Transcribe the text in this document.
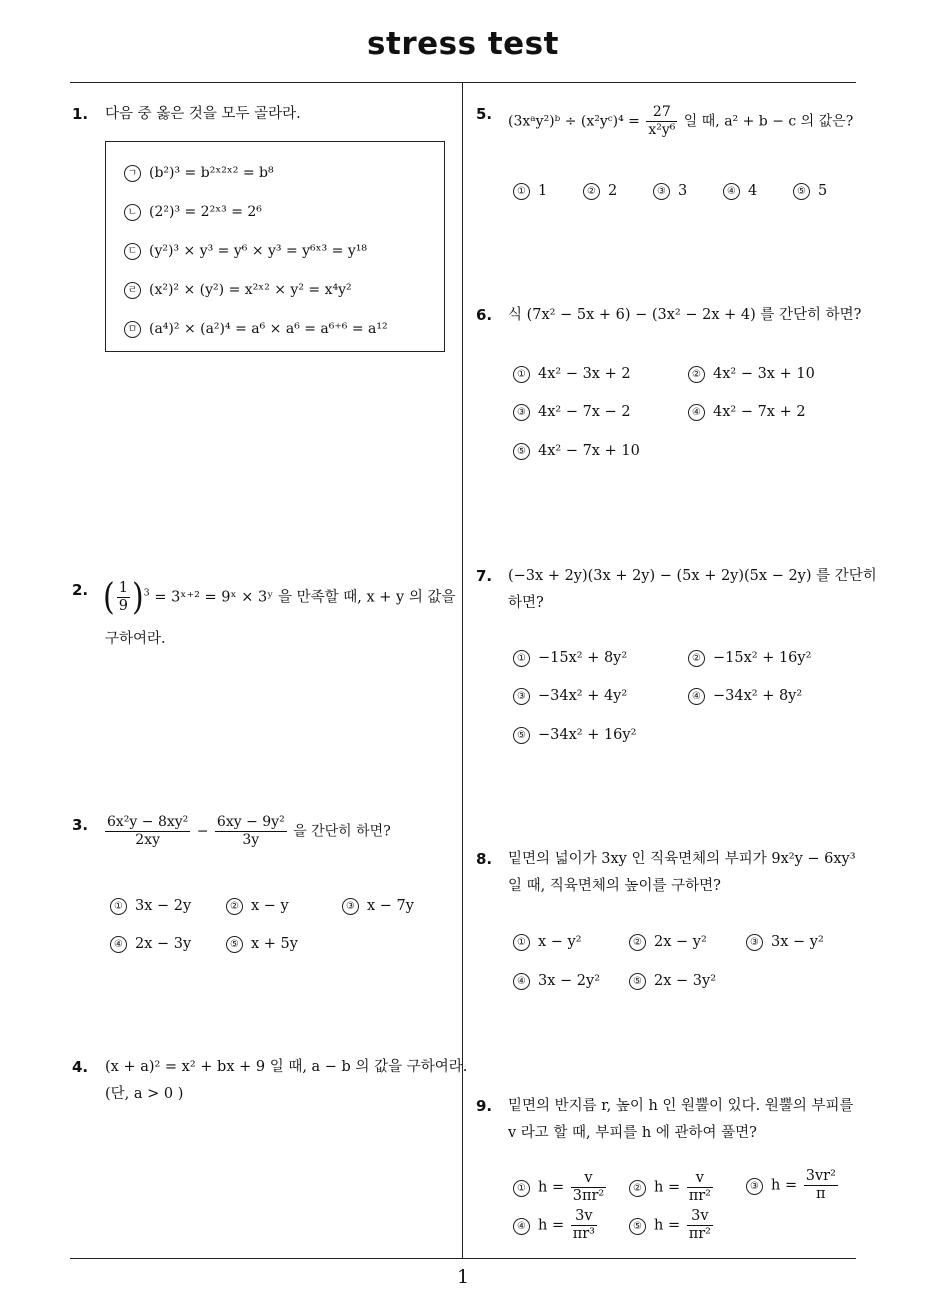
stress test
1
1. 다음 중 옳은 것을 모두 골라라.
ㄱ (b²)³ = b²ˣ²ˣ² = b⁸
ㄴ (2²)³ = 2²ˣ³ = 2⁶
ㄷ (y²)³ × y³ = y⁶ × y³ = y⁶ˣ³ = y¹⁸
ㄹ (x²)² × (y²) = x²ˣ² × y² = x⁴y²
ㅁ (a⁴)² × (a²)⁴ = a⁶ × a⁶ = a⁶⁺⁶ = a¹²
2. ( $\frac{1}{9} )^3$ = 3ˣ⁺² = 9ˣ × 3ʸ 을 만족할 때, x + y 의 값을
구하여라.
3. $\frac{\text{6x²y − 8xy²}}{2xy} - \frac{\text{6xy − 9y²}}{3y}$ 을 간단히 하면?
① 3x − 2y	② x − y	③ x − 7y
④ 2x − 3y	⑤ x + 5y
4. (x + a)² = x² + bx + 9 일 때, a − b 의 값을 구하여라.
(단, a > 0 )
5. (3xᵃy²)ᵇ ÷ (x²yᶜ)⁴ = $\frac{27}{\text{x²y⁶}}$ 일 때, a² + b − c 의 값은?
① 1	② 2	③ 3	④ 4	⑤ 5
6. 식 (7x² − 5x + 6) − (3x² − 2x + 4) 를 간단히 하면?
① 4x² − 3x + 2	② 4x² − 3x + 10
③ 4x² − 7x − 2	④ 4x² − 7x + 2
⑤ 4x² − 7x + 10
7. (−3x + 2y)(3x + 2y) − (5x + 2y)(5x − 2y) 를 간단히
하면?
① −15x² + 8y²	② −15x² + 16y²
③ −34x² + 4y²	④ −34x² + 8y²
⑤ −34x² + 16y²
8. 밑면의 넓이가 3xy 인 직육면체의 부피가 9x²y − 6xy³
일 때, 직육면체의 높이를 구하면?
① x − y²	② 2x − y²	③ 3x − y²
④ 3x − 2y²	⑤ 2x − 3y²
9. 밑면의 반지름 r, 높이 h 인 원뿔이 있다. 원뿔의 부피를
v 라고 할 때, 부피를 h 에 관하여 풀면?
① $h = \frac{v}{\text{3πr²}}$	② $h = \frac{v}{\text{πr²}}$	③ $h = \frac{\text{3vr²}}{\pi}$
④ $h = \frac{3v}{\text{πr³}}$	⑤ $h = \frac{3v}{\text{πr²}}$
